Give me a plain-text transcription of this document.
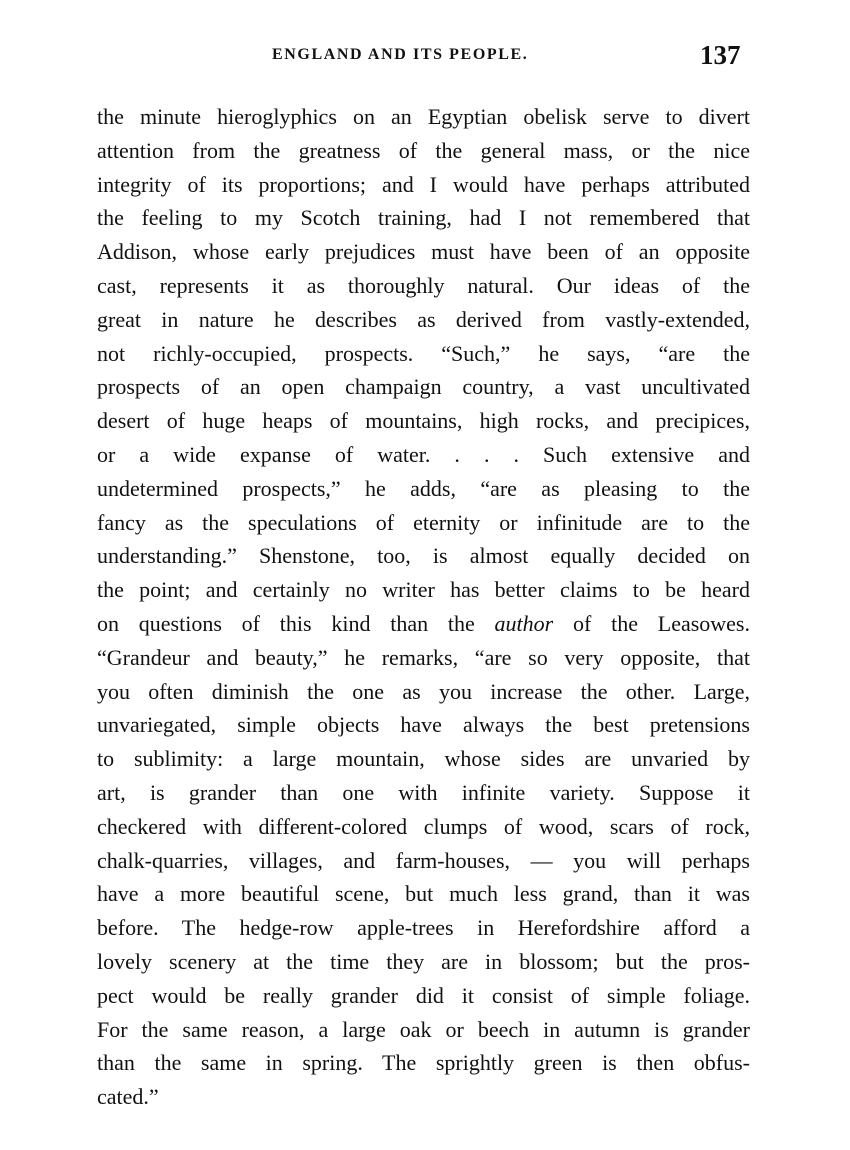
ENGLAND AND ITS PEOPLE.	137
the minute hieroglyphics on an Egyptian obelisk serve to divert
attention from the greatness of the general mass, or the nice
integrity of its proportions; and I would have perhaps attributed
the feeling to my Scotch training, had I not remembered that
Addison, whose early prejudices must have been of an opposite
cast, represents it as thoroughly natural. Our ideas of the
great in nature he describes as derived from vastly-extended,
not richly-occupied, prospects. “Such,” he says, “are the
prospects of an open champaign country, a vast uncultivated
desert of huge heaps of mountains, high rocks, and precipices,
or a wide expanse of water. . . . Such extensive and
undetermined prospects,” he adds, “are as pleasing to the
fancy as the speculations of eternity or infinitude are to the
understanding.” Shenstone, too, is almost equally decided on
the point; and certainly no writer has better claims to be heard
on questions of this kind than the author of the Leasowes.
“Grandeur and beauty,” he remarks, “are so very opposite, that
you often diminish the one as you increase the other. Large,
unvariegated, simple objects have always the best pretensions
to sublimity: a large mountain, whose sides are unvaried by
art, is grander than one with infinite variety. Suppose it
checkered with different-colored clumps of wood, scars of rock,
chalk-quarries, villages, and farm-houses, — you will perhaps
have a more beautiful scene, but much less grand, than it was
before. The hedge-row apple-trees in Herefordshire afford a
lovely scenery at the time they are in blossom; but the pros-
pect would be really grander did it consist of simple foliage.
For the same reason, a large oak or beech in autumn is grander
than the same in spring. The sprightly green is then obfus-
cated.”
